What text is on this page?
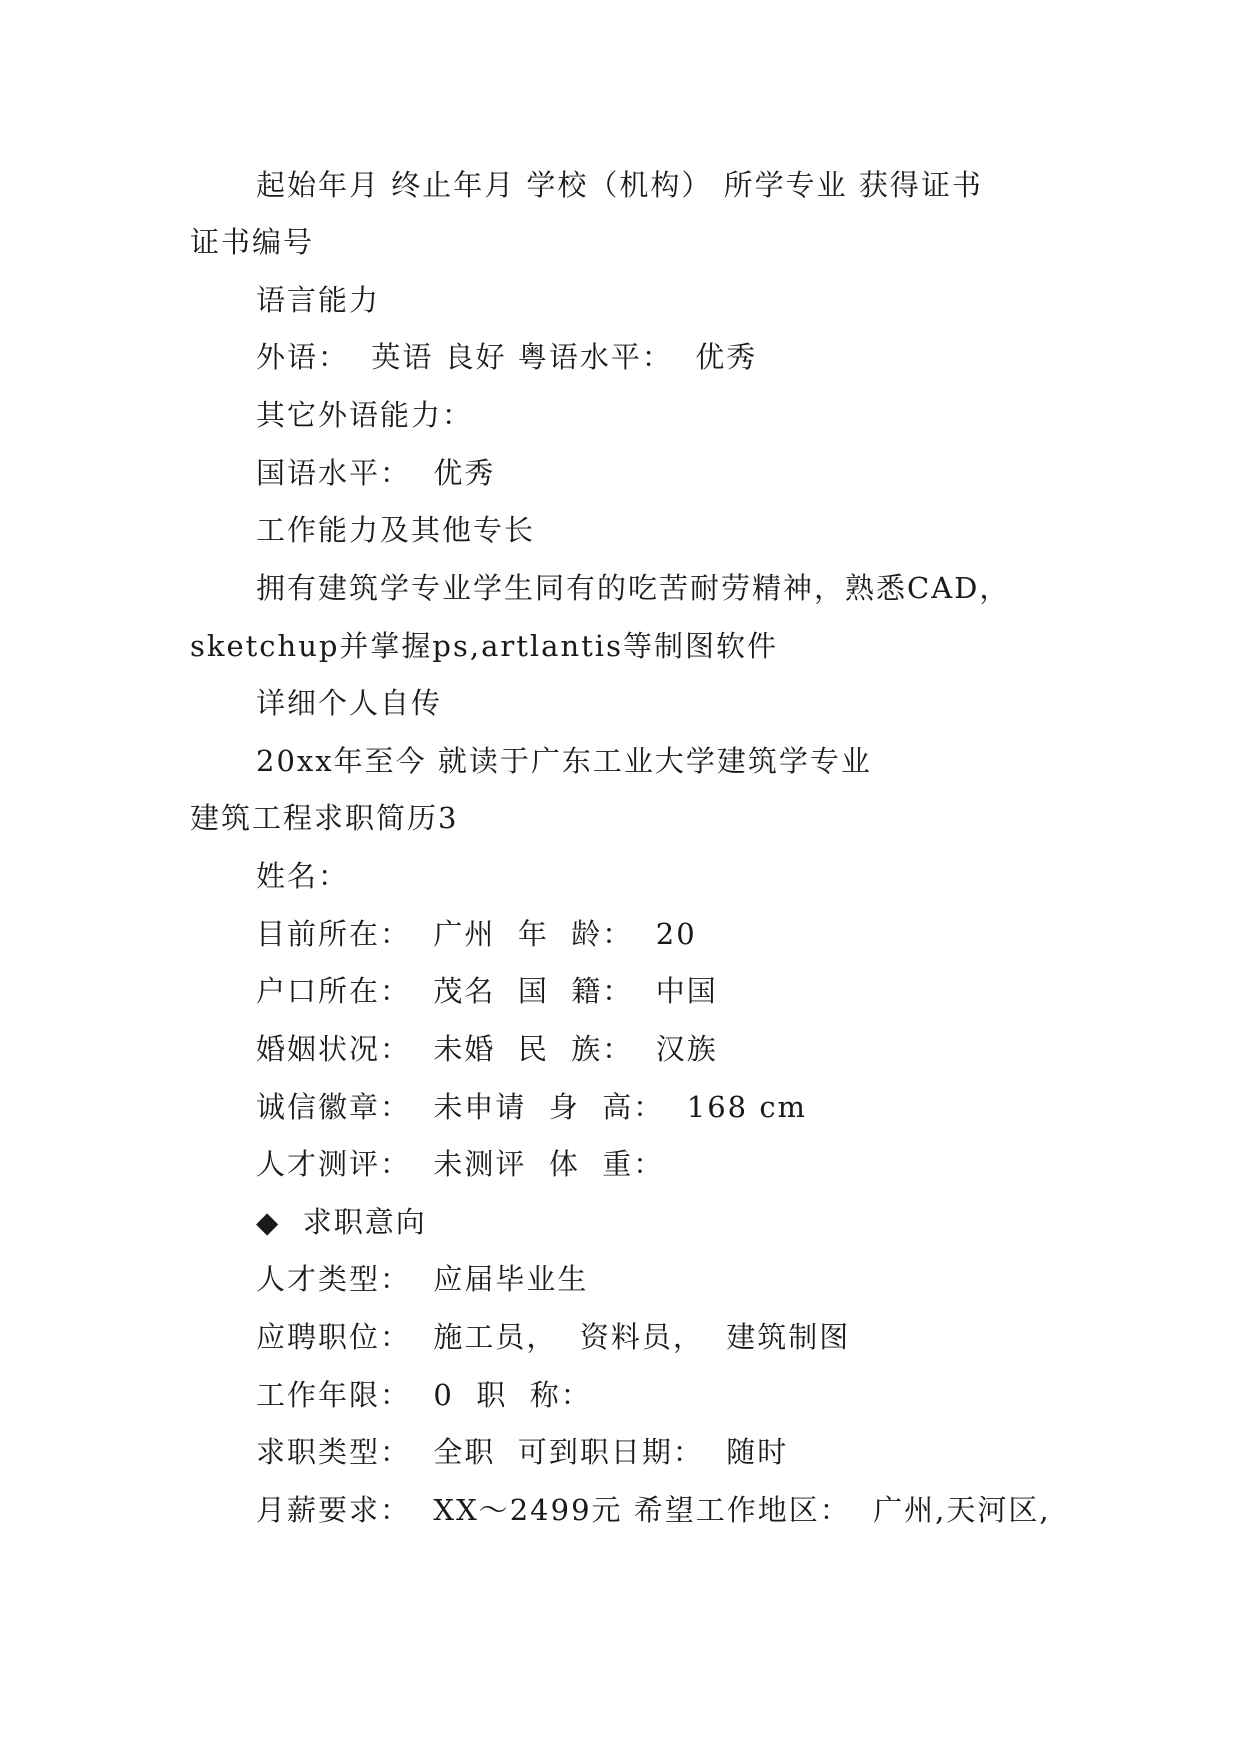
起始年月 终止年月 学校（机构） 所学专业 获得证书
证书编号
语言能力
外语：  英语 良好 粤语水平：  优秀
其它外语能力：
国语水平：  优秀
工作能力及其他专长
拥有建筑学专业学生同有的吃苦耐劳精神，熟悉CAD，
sketchup并掌握ps,artlantis等制图软件
详细个人自传
20xx年至今 就读于广东工业大学建筑学专业
建筑工程求职简历3
姓名：
目前所在：  广州  年  龄：  20
户口所在：  茂名  国  籍：  中国
婚姻状况：  未婚  民  族：  汉族
诚信徽章：  未申请  身  高：  168 cm
人才测评：  未测评  体  重：
◆  求职意向
人才类型：  应届毕业生
应聘职位：  施工员，  资料员，  建筑制图
工作年限：  0  职  称：
求职类型：  全职  可到职日期：  随时
月薪要求：  XX～2499元 希望工作地区：  广州,天河区,
